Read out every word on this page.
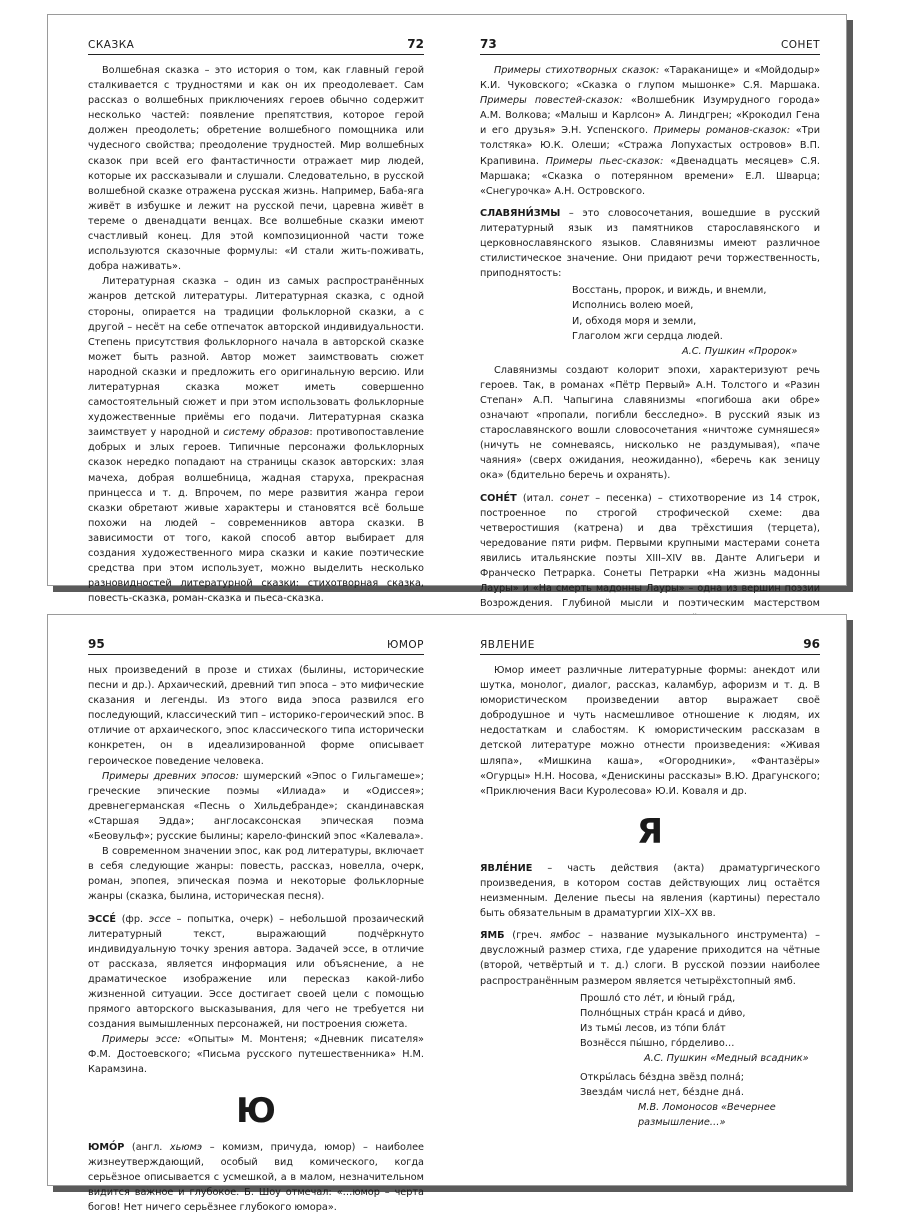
СКАЗКА	72

Волшебная сказка – это история о том, как главный герой сталкивается с трудностями и как он их преодолевает. Сам рассказ о волшебных приключениях героев обычно содержит несколько частей: появление препятствия, которое герой должен преодолеть; обретение волшебного помощника или чудесного свойства; преодоление трудностей. Мир волшебных сказок при всей его фантастичности отражает мир людей, которые их рассказывали и слушали. Следовательно, в русской волшебной сказке отражена русская жизнь. Например, Баба-яга живёт в избушке и лежит на русской печи, царевна живёт в тереме о двенадцати венцах. Все волшебные сказки имеют счастливый конец. Для этой композиционной части тоже используются сказочные формулы: «И стали жить-поживать, добра наживать».

Литературная сказка – один из самых распространённых жанров детской литературы. Литературная сказка, с одной стороны, опирается на традиции фольклорной сказки, а с другой – несёт на себе отпечаток авторской индивидуальности. Степень присутствия фольклорного начала в авторской сказке может быть разной. Автор может заимствовать сюжет народной сказки и предложить его оригинальную версию. Или литературная сказка может иметь совершенно самостоятельный сюжет и при этом использовать фольклорные художественные приёмы его подачи. Литературная сказка заимствует у народной и систему образов: противопоставление добрых и злых героев. Типичные персонажи фольклорных сказок нередко попадают на страницы сказок авторских: злая мачеха, добрая волшебница, жадная старуха, прекрасная принцесса и т. д. Впрочем, по мере развития жанра герои сказки обретают живые характеры и становятся всё больше похожи на людей – современников автора сказки. В зависимости от того, какой способ автор выбирает для создания художественного мира сказки и какие поэтические средства при этом использует, можно выделить несколько разновидностей литературной сказки: стихотворная сказка, повесть-сказка, роман-сказка и пьеса-сказка.

73	СОНЕТ

Примеры стихотворных сказок: «Тараканище» и «Мойдодыр» К.И. Чуковского; «Сказка о глупом мышонке» С.Я. Маршака. Примеры повестей-сказок: «Волшебник Изумрудного города» А.М. Волкова; «Малыш и Карлсон» А. Линдгрен; «Крокодил Гена и его друзья» Э.Н. Успенского. Примеры романов-сказок: «Три толстяка» Ю.К. Олеши; «Стража Лопухастых островов» В.П. Крапивина. Примеры пьес-сказок: «Двенадцать месяцев» С.Я. Маршака; «Сказка о потерянном времени» Е.Л. Шварца; «Снегурочка» А.Н. Островского.

СЛАВЯНИ́ЗМЫ – это словосочетания, вошедшие в русский литературный язык из памятников старославянского и церковнославянского языков. Славянизмы имеют различное стилистическое значение. Они придают речи торжественность, приподнятость:

Восстань, пророк, и виждь, и внемли,
Исполнись волею моей,
И, обходя моря и земли,
Глаголом жги сердца людей.
А.С. Пушкин «Пророк»

Славянизмы создают колорит эпохи, характеризуют речь героев. Так, в романах «Пётр Первый» А.Н. Толстого и «Разин Степан» А.П. Чапыгина славянизмы «погибоша аки обре» означают «пропали, погибли бесследно». В русский язык из старославянского вошли словосочетания «ничтоже сумняшеся» (ничуть не сомневаясь, нисколько не раздумывая), «паче чаяния» (сверх ожидания, неожиданно), «беречь как зеницу ока» (бдительно беречь и охранять).

СОНЕ́Т (итал. сонет – песенка) – стихотворение из 14 строк, построенное по строгой строфической схеме: два четверостишия (катрена) и два трёхстишия (терцета), чередование пяти рифм. Первыми крупными мастерами сонета явились итальянские поэты XIII–XIV вв. Данте Алигьери и Франческо Петрарка. Сонеты Петрарки «На жизнь мадонны Лауры» и «На смерть мадонны Лауры» – одна из вершин поэзии Возрождения. Глубиной мысли и поэтическим мастерством

95	ЮМОР

ных произведений в прозе и стихах (былины, исторические песни и др.). Архаический, древний тип эпоса – это мифические сказания и легенды. Из этого вида эпоса развился его последующий, классический тип – историко-героический эпос. В отличие от архаического, эпос классического типа исторически конкретен, он в идеализированной форме описывает героическое поведение человека.

Примеры древних эпосов: шумерский «Эпос о Гильгамеше»; греческие эпические поэмы «Илиада» и «Одиссея»; древнегерманская «Песнь о Хильдебранде»; скандинавская «Старшая Эдда»; англосаксонская эпическая поэма «Беовульф»; русские былины; карело-финский эпос «Калевала».

В современном значении эпос, как род литературы, включает в себя следующие жанры: повесть, рассказ, новелла, очерк, роман, эпопея, эпическая поэма и некоторые фольклорные жанры (сказка, былина, историческая песня).

ЭССЕ́ (фр. эссе – попытка, очерк) – небольшой прозаический литературный текст, выражающий подчёркнуто индивидуальную точку зрения автора. Задачей эссе, в отличие от рассказа, является информация или объяснение, а не драматическое изображение или пересказ какой-либо жизненной ситуации. Эссе достигает своей цели с помощью прямого авторского высказывания, для чего не требуется ни создания вымышленных персонажей, ни построения сюжета.

Примеры эссе: «Опыты» М. Монтеня; «Дневник писателя» Ф.М. Достоевского; «Письма русского путешественника» Н.М. Карамзина.

Ю

ЮМО́Р (англ. хьюмэ – комизм, причуда, юмор) – наиболее жизнеутверждающий, особый вид комического, когда серьёзное описывается с усмешкой, а в малом, незначительном видится важное и глубокое. Б. Шоу отмечал: «…юмор – черта богов! Нет ничего серьёзнее глубокого юмора».

ЯВЛЕНИЕ	96

Юмор имеет различные литературные формы: анекдот или шутка, монолог, диалог, рассказ, каламбур, афоризм и т. д. В юмористическом произведении автор выражает своё добродушное и чуть насмешливое отношение к людям, их недостаткам и слабостям. К юмористическим рассказам в детской литературе можно отнести произведения: «Живая шляпа», «Мишкина каша», «Огородники», «Фантазёры» «Огурцы» Н.Н. Носова, «Денискины рассказы» В.Ю. Драгунского; «Приключения Васи Куролесова» Ю.И. Коваля и др.

Я

ЯВЛЕ́НИЕ – часть действия (акта) драматургического произведения, в котором состав действующих лиц остаётся неизменным. Деление пьесы на явления (картины) перестало быть обязательным в драматургии XIX–XX вв.

ЯМБ (греч. ямбос – название музыкального инструмента) – двусложный размер стиха, где ударение приходится на чётные (второй, четвёртый и т. д.) слоги. В русской поэзии наиболее распространённым размером является четырёхстопный ямб.

Прошло́ сто ле́т, и ю́ный гра́д,
Полно́щных стра́н краса́ и ди́во,
Из тьмы́ лесов, из то́пи бла́т
Вознёсся пы́шно, го́рделиво…
А.С. Пушкин «Медный всадник»
Откры́лась бе́здна звёзд полна́;
Звезда́м числа́ нет, бе́здне дна́.
М.В. Ломоносов «Вечернее
размышление…»
